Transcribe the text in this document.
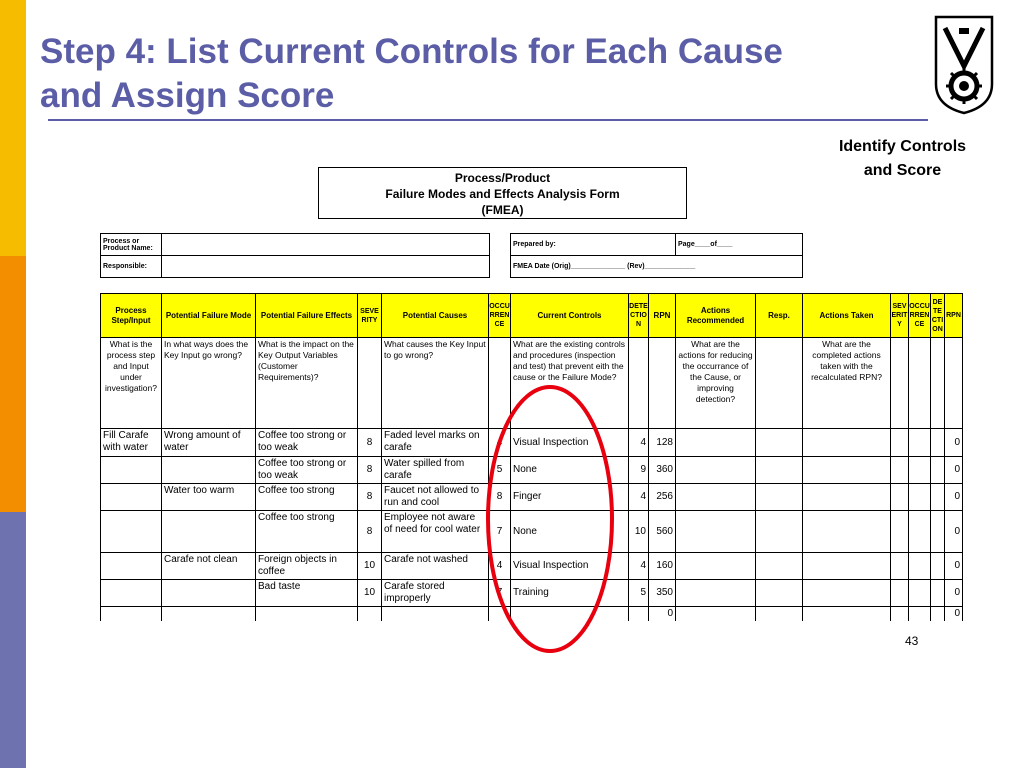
Step 4: List Current Controls for Each Cause
and Assign Score
Identify Controls
and Score
Process/Product
Failure Modes and Effects Analysis Form
(FMEA)
Process or Product Name:	
Responsible:	
Prepared by:	Page____of____
FMEA Date (Orig)______________ (Rev)_____________
Process Step/Input	Potential Failure Mode	Potential Failure Effects	SEVERITY	Potential Causes	OCCURRENCE	Current Controls	DETECTION	RPN	Actions Recommended	Resp.	Actions Taken	SEVERITY	OCCURRENCE	DETECTION	RPN
What is the process step and Input under investigation?	In what ways does the Key Input go wrong?	What is the impact on the Key Output Variables (Customer Requirements)?		What causes the Key Input to go wrong?		What are the existing controls and procedures (inspection and test) that prevent eith the cause or the Failure Mode?			What are the actions for reducing the occurrance of the Cause, or improving detection?		What are the completed actions taken with the recalculated RPN?				
Fill Carafe with water	Wrong amount of water	Coffee too strong or too weak	8	Faded level marks on carafe	4	Visual Inspection	4	128							0
		Coffee too strong or too weak	8	Water spilled from carafe	5	None	9	360							0
	Water too warm	Coffee too strong	8	Faucet not allowed to run and cool	8	Finger	4	256							0
		Coffee too strong	8	Employee not aware of need for cool water	7	None	10	560							0
	Carafe not clean	Foreign objects in coffee	10	Carafe not washed	4	Visual Inspection	4	160							0
		Bad taste	10	Carafe stored improperly	7	Training	5	350							0
								0							0
43
